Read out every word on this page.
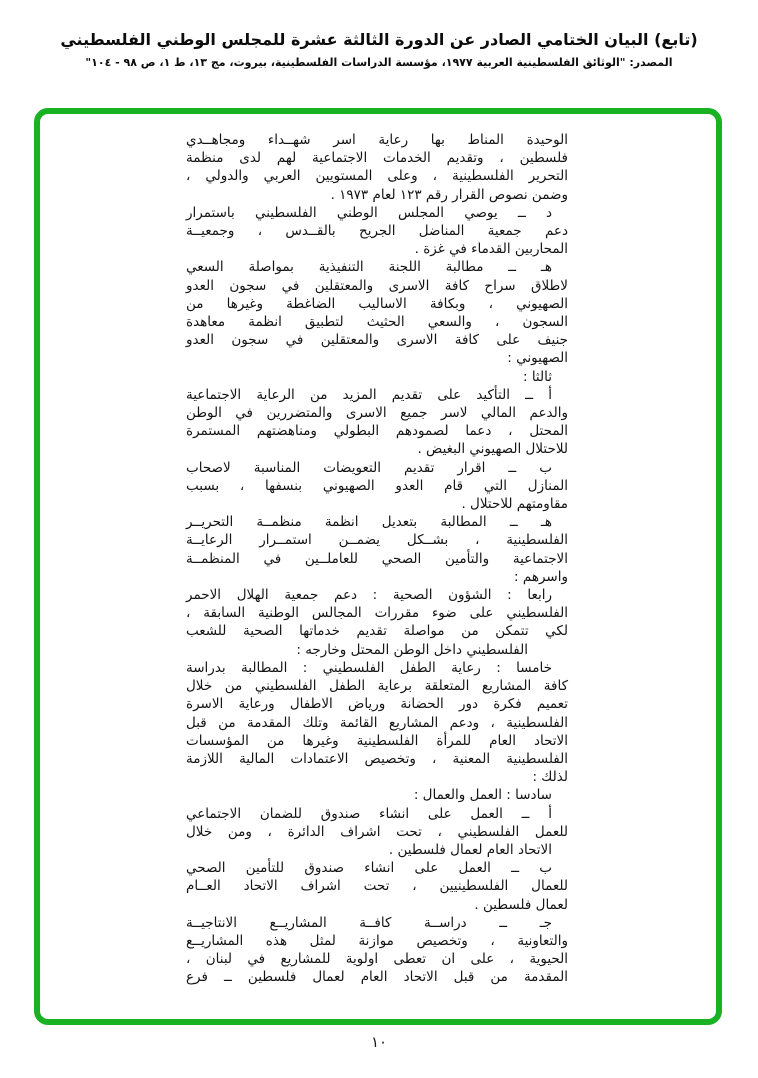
(تابع) البيان الختامي الصادر عن الدورة الثالثة عشرة للمجلس الوطني الفلسطيني
المصدر: "الوثائق الفلسطينية العربية ١٩٧٧، مؤسسة الدراسات الفلسطينية، بيروت، مج ١٣، ط ١، ص ٩٨ - ١٠٤"
الوحيدة المناط بها رعاية اسر شهــداء ومجاهــدي
فلسطين ، وتقديم الخدمات الاجتماعية لهم لدى منظمة
التحرير الفلسطينية ، وعلى المستويين العربي والدولي ،
وضمن نصوص القرار رقم ١٢٣ لعام ١٩٧٣ .
د ــ يوصي المجلس الوطني الفلسطيني باستمرار
دعم جمعية المناضل الجريح بالقــدس ، وجمعيــة
المحاربين القدماء في غزة .
هـ ــ مطالبة اللجنة التنفيذية بمواصلة السعي
لاطلاق سراح كافة الاسرى والمعتقلين في سجون العدو
الصهيوني ، وبكافة الاساليب الضاغطة وغيرها من
السجون ، والسعي الحثيث لتطبيق انظمة معاهدة
جنيف على كافة الاسرى والمعتقلين في سجون العدو
الصهيوني :
ثالثا :
أ ــ التأكيد على تقديم المزيد من الرعاية الاجتماعية
والدعم المالي لاسر جميع الاسرى والمتضررين في الوطن
المحتل ، دعما لصمودهم البطولي ومناهضتهم المستمرة
للاحتلال الصهيوني البغيض .
ب ــ اقرار تقديم التعويضات المناسبة لاصحاب
المنازل التي قام العدو الصهيوني بنسفها ، بسبب
مقاومتهم للاحتلال .
هـ ــ المطالبة بتعديل انظمة منظمــة التحريــر
الفلسطينية ، بشــكل يضمــن استمــرار الرعايــة
الاجتماعية والتأمين الصحي للعاملــين في المنظمــة
واسرهم :
رابعا : الشؤون الصحية : دعم جمعية الهلال الاحمر
الفلسطيني على ضوء مقررات المجالس الوطنية السابقة ،
لكي تتمكن من مواصلة تقديم خدماتها الصحية للشعب
الفلسطيني داخل الوطن المحتل وخارجه :
خامسا : رعاية الطفل الفلسطيني : المطالبة بدراسة
كافة المشاريع المتعلقة برعاية الطفل الفلسطيني من خلال
تعميم فكرة دور الحضانة ورياض الاطفال ورعاية الاسرة
الفلسطينية ، ودعم المشاريع القائمة وتلك المقدمة من قبل
الاتحاد العام للمرأة الفلسطينية وغيرها من المؤسسات
الفلسطينية المعنية ، وتخصيص الاعتمادات المالية اللازمة
لذلك :
سادسا : العمل والعمال :
أ ــ العمل على انشاء صندوق للضمان الاجتماعي
للعمل الفلسطيني ، تحت اشراف الدائرة ، ومن خلال
الاتحاد العام لعمال فلسطين .
ب ــ العمل على انشاء صندوق للتأمين الصحي
للعمال الفلسطينيين ، تحت اشراف الاتحاد العــام
لعمال فلسطين .
جـ ــ دراســة كافــة المشاريــع الانتاجيــة
والتعاونية ، وتخصيص موازنة لمثل هذه المشاريــع
الحيوية ، على ان تعطى اولوية للمشاريع في لبنان ،
المقدمة من قبل الاتحاد العام لعمال فلسطين ــ فرع
١٠
